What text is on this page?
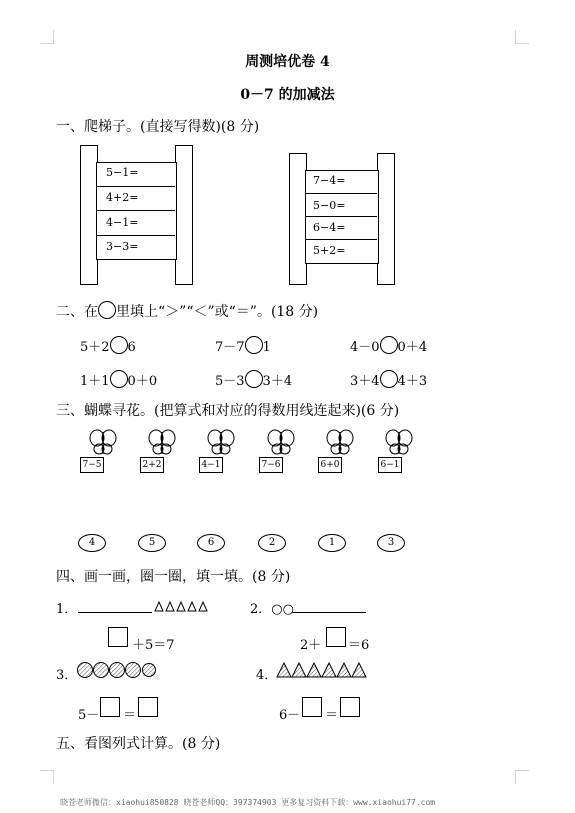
周测培优卷 4
0－7 的加减法
一、爬梯子。(直接写得数)(8 分)
5−1=
4+2=
4−1=
3−3=
7−4=
5−0=
6−4=
5+2=
二、在 里填上“＞”“＜”或“＝”。(18 分)
5＋2 6	7－7 1	4－0 0＋4
1＋1 0＋0	5－3 3＋4	3＋4 4＋3
三、蝴蝶寻花。(把算式和对应的得数用线连起来)(6 分)
7−5	2+2	4−1	7−6	6+0	6−1
4	5	6	2	1	3
四、画一画，圈一圈，填一填。(8 分)
1．
＋5＝7
2．○○
2＋ ＝6
3．
5－ ＝
4．
6－ ＝
五、看图列式计算。(8 分)
晓苍老师微信：xiaohui850828 晓苍老师QQ：397374903 更多复习资料下载：www.xiaohui77.com
